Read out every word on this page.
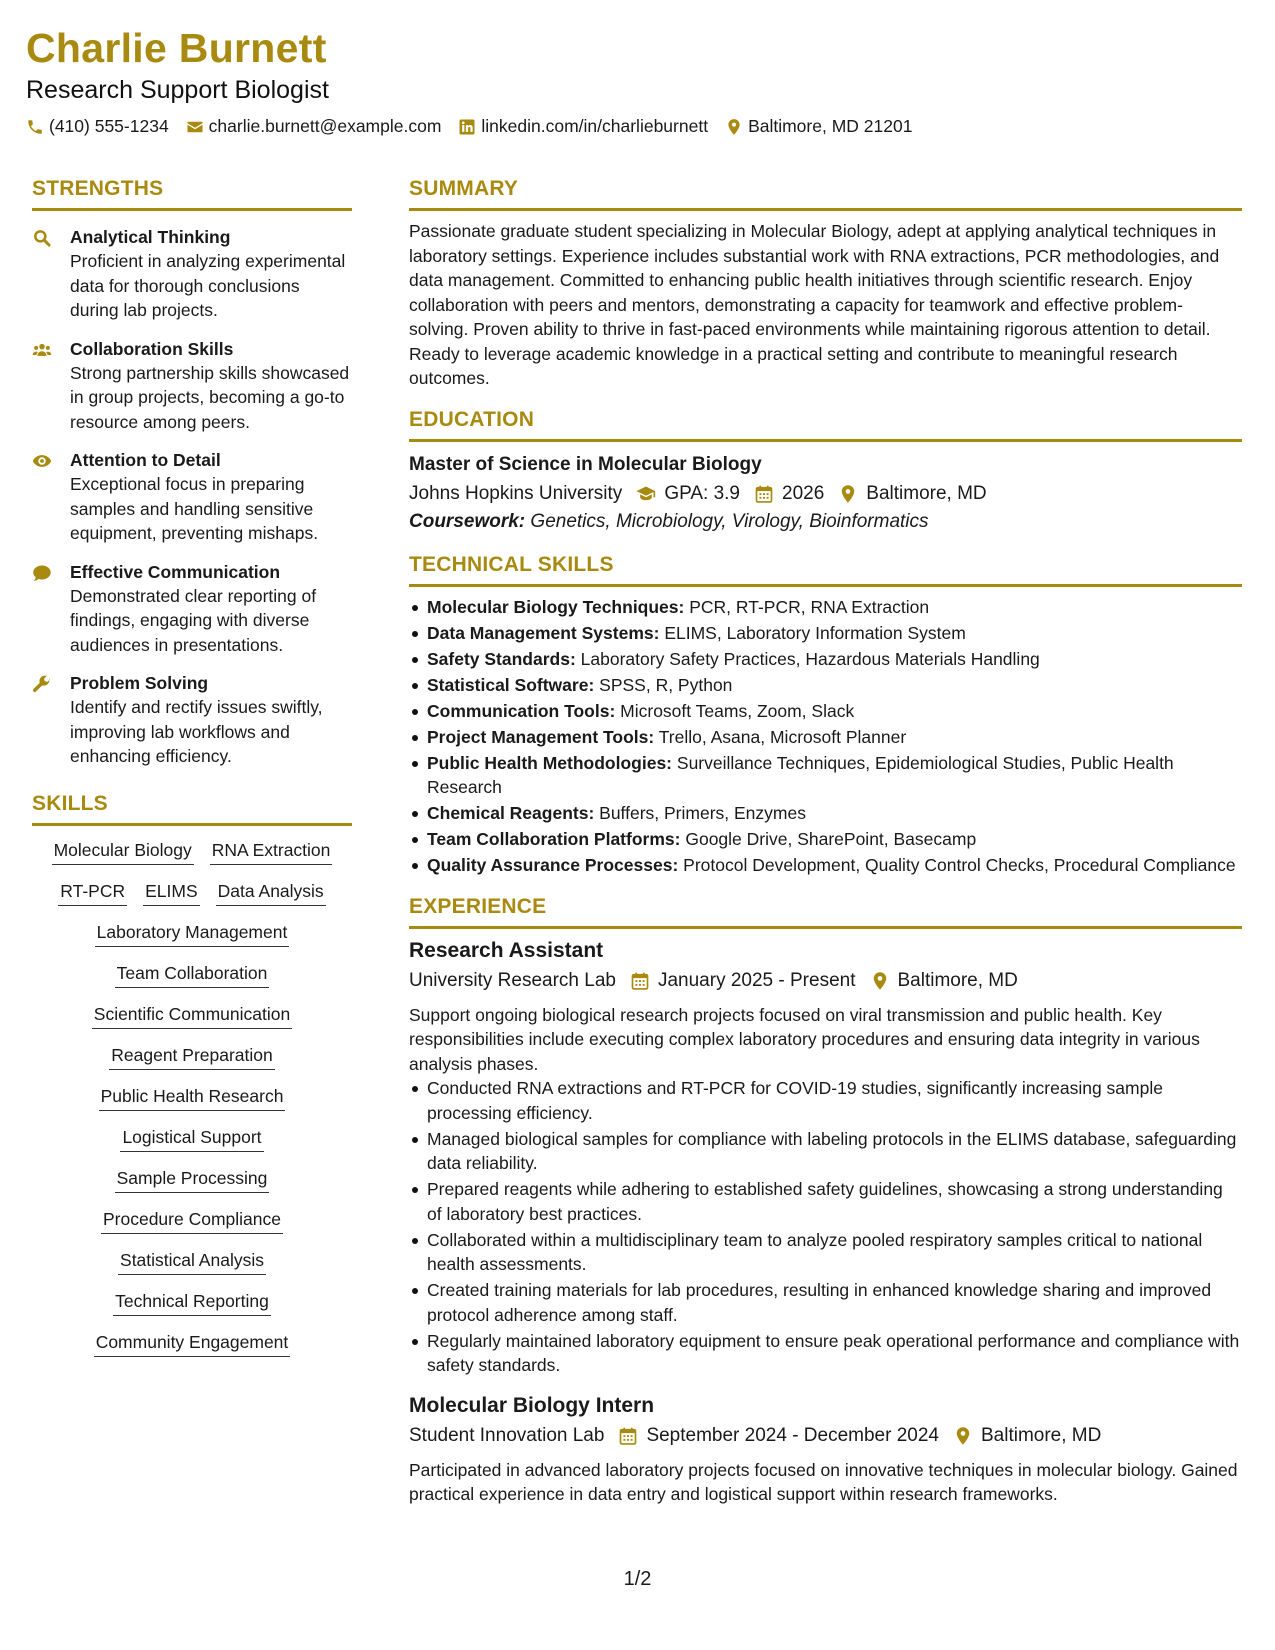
Charlie Burnett
Research Support Biologist
(410) 555-1234 charlie.burnett@example.com linkedin.com/in/charlieburnett Baltimore, MD 21201
STRENGTHS
Analytical Thinking
Proficient in analyzing experimental data for thorough conclusions during lab projects.
Collaboration Skills
Strong partnership skills showcased in group projects, becoming a go-to resource among peers.
Attention to Detail
Exceptional focus in preparing samples and handling sensitive equipment, preventing mishaps.
Effective Communication
Demonstrated clear reporting of findings, engaging with diverse audiences in presentations.
Problem Solving
Identify and rectify issues swiftly, improving lab workflows and enhancing efficiency.
SKILLS
Molecular Biology RNA Extraction
RT-PCR ELIMS Data Analysis
Laboratory Management
Team Collaboration
Scientific Communication
Reagent Preparation
Public Health Research
Logistical Support
Sample Processing
Procedure Compliance
Statistical Analysis
Technical Reporting
Community Engagement
SUMMARY
Passionate graduate student specializing in Molecular Biology, adept at applying analytical techniques in laboratory settings. Experience includes substantial work with RNA extractions, PCR methodologies, and data management. Committed to enhancing public health initiatives through scientific research. Enjoy collaboration with peers and mentors, demonstrating a capacity for teamwork and effective problem-solving. Proven ability to thrive in fast-paced environments while maintaining rigorous attention to detail. Ready to leverage academic knowledge in a practical setting and contribute to meaningful research outcomes.
EDUCATION
Master of Science in Molecular Biology
Johns Hopkins University GPA: 3.9 2026 Baltimore, MD
Coursework: Genetics, Microbiology, Virology, Bioinformatics
TECHNICAL SKILLS
Molecular Biology Techniques: PCR, RT-PCR, RNA Extraction
Data Management Systems: ELIMS, Laboratory Information System
Safety Standards: Laboratory Safety Practices, Hazardous Materials Handling
Statistical Software: SPSS, R, Python
Communication Tools: Microsoft Teams, Zoom, Slack
Project Management Tools: Trello, Asana, Microsoft Planner
Public Health Methodologies: Surveillance Techniques, Epidemiological Studies, Public Health Research
Chemical Reagents: Buffers, Primers, Enzymes
Team Collaboration Platforms: Google Drive, SharePoint, Basecamp
Quality Assurance Processes: Protocol Development, Quality Control Checks, Procedural Compliance
EXPERIENCE
Research Assistant
University Research Lab January 2025 - Present Baltimore, MD
Support ongoing biological research projects focused on viral transmission and public health. Key responsibilities include executing complex laboratory procedures and ensuring data integrity in various analysis phases.
Conducted RNA extractions and RT-PCR for COVID-19 studies, significantly increasing sample processing efficiency.
Managed biological samples for compliance with labeling protocols in the ELIMS database, safeguarding data reliability.
Prepared reagents while adhering to established safety guidelines, showcasing a strong understanding of laboratory best practices.
Collaborated within a multidisciplinary team to analyze pooled respiratory samples critical to national health assessments.
Created training materials for lab procedures, resulting in enhanced knowledge sharing and improved protocol adherence among staff.
Regularly maintained laboratory equipment to ensure peak operational performance and compliance with safety standards.
Molecular Biology Intern
Student Innovation Lab September 2024 - December 2024 Baltimore, MD
Participated in advanced laboratory projects focused on innovative techniques in molecular biology. Gained practical experience in data entry and logistical support within research frameworks.
1/2
